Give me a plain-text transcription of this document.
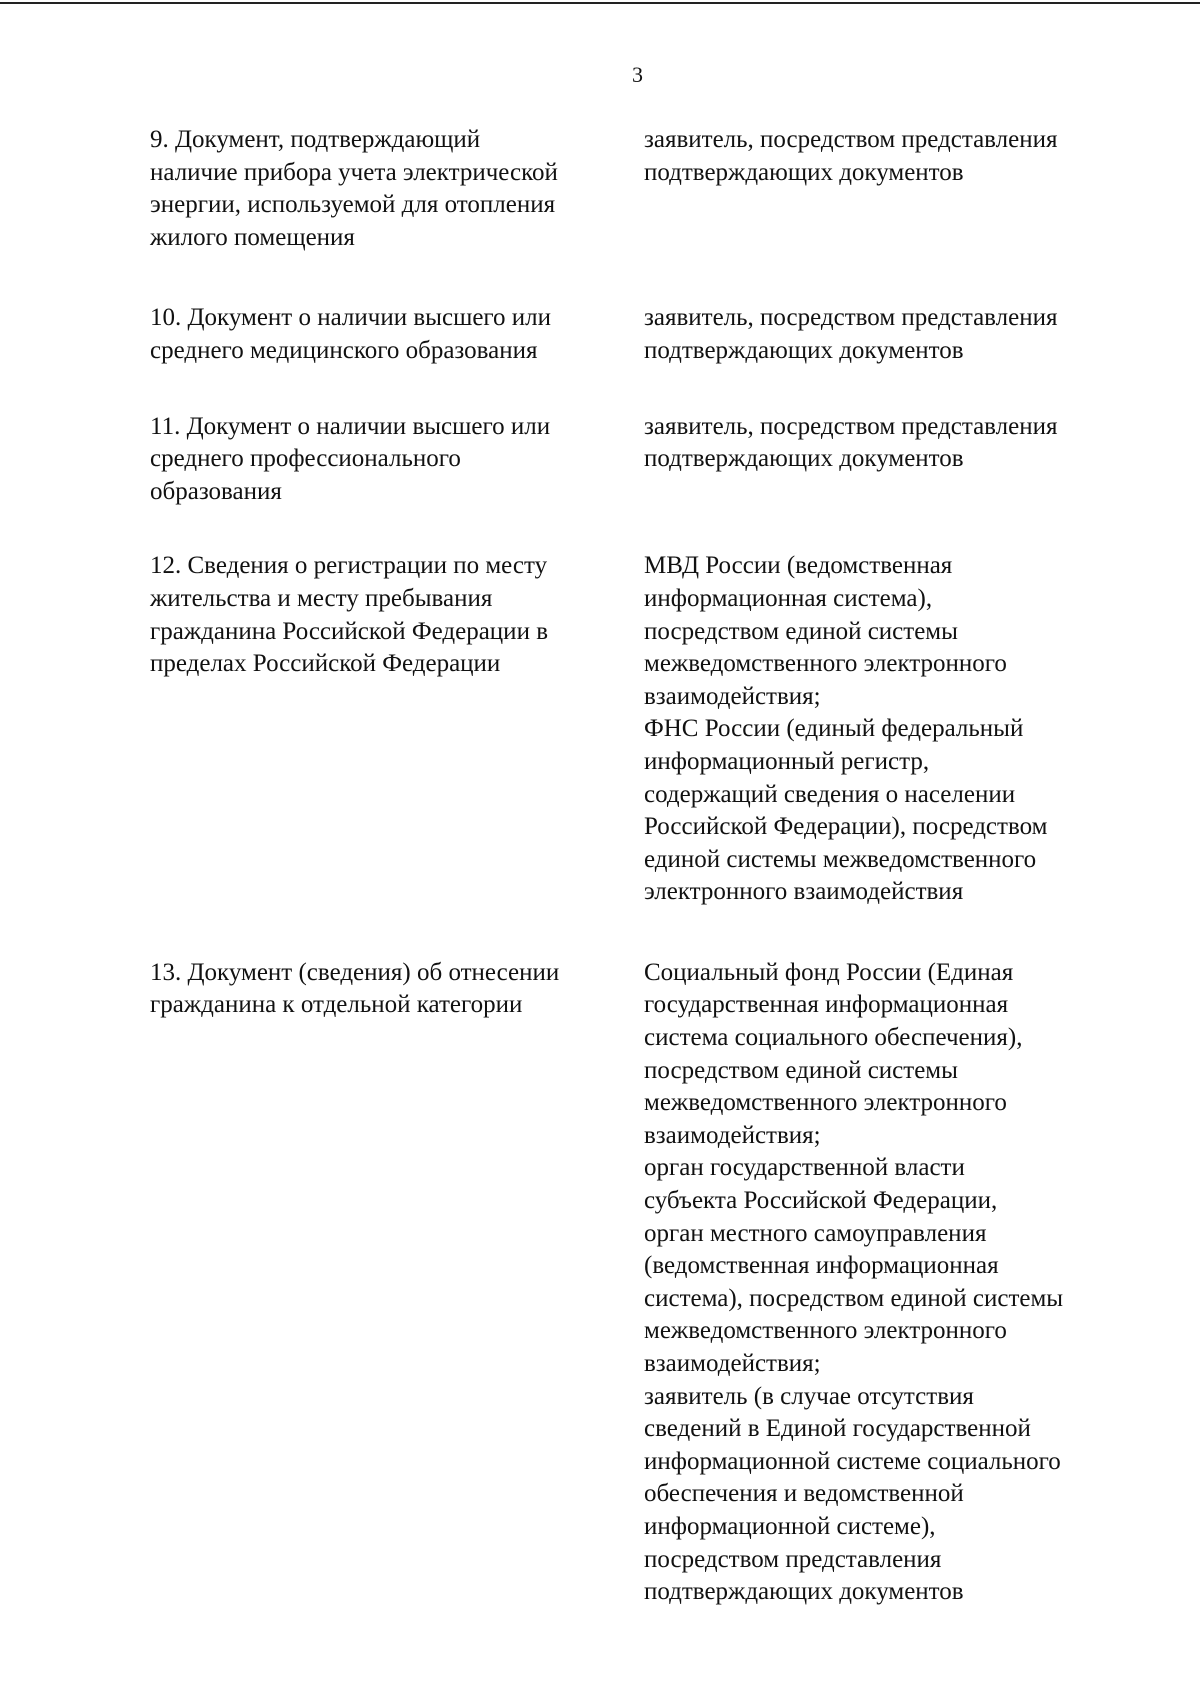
3
9. Документ, подтверждающий
наличие прибора учета электрической
энергии, используемой для отопления
жилого помещения
заявитель, посредством представления
подтверждающих документов
10. Документ о наличии высшего или
среднего медицинского образования
заявитель, посредством представления
подтверждающих документов
11. Документ о наличии высшего или
среднего профессионального
образования
заявитель, посредством представления
подтверждающих документов
12. Сведения о регистрации по месту
жительства и месту пребывания
гражданина Российской Федерации в
пределах Российской Федерации
МВД России (ведомственная
информационная система),
посредством единой системы
межведомственного электронного
взаимодействия;
ФНС России (единый федеральный
информационный регистр,
содержащий сведения о населении
Российской Федерации), посредством
единой системы межведомственного
электронного взаимодействия
13. Документ (сведения) об отнесении
гражданина к отдельной категории
Социальный фонд России (Единая
государственная информационная
система социального обеспечения),
посредством единой системы
межведомственного электронного
взаимодействия;
орган государственной власти
субъекта Российской Федерации,
орган местного самоуправления
(ведомственная информационная
система), посредством единой системы
межведомственного электронного
взаимодействия;
заявитель (в случае отсутствия
сведений в Единой государственной
информационной системе социального
обеспечения и ведомственной
информационной системе),
посредством представления
подтверждающих документов
